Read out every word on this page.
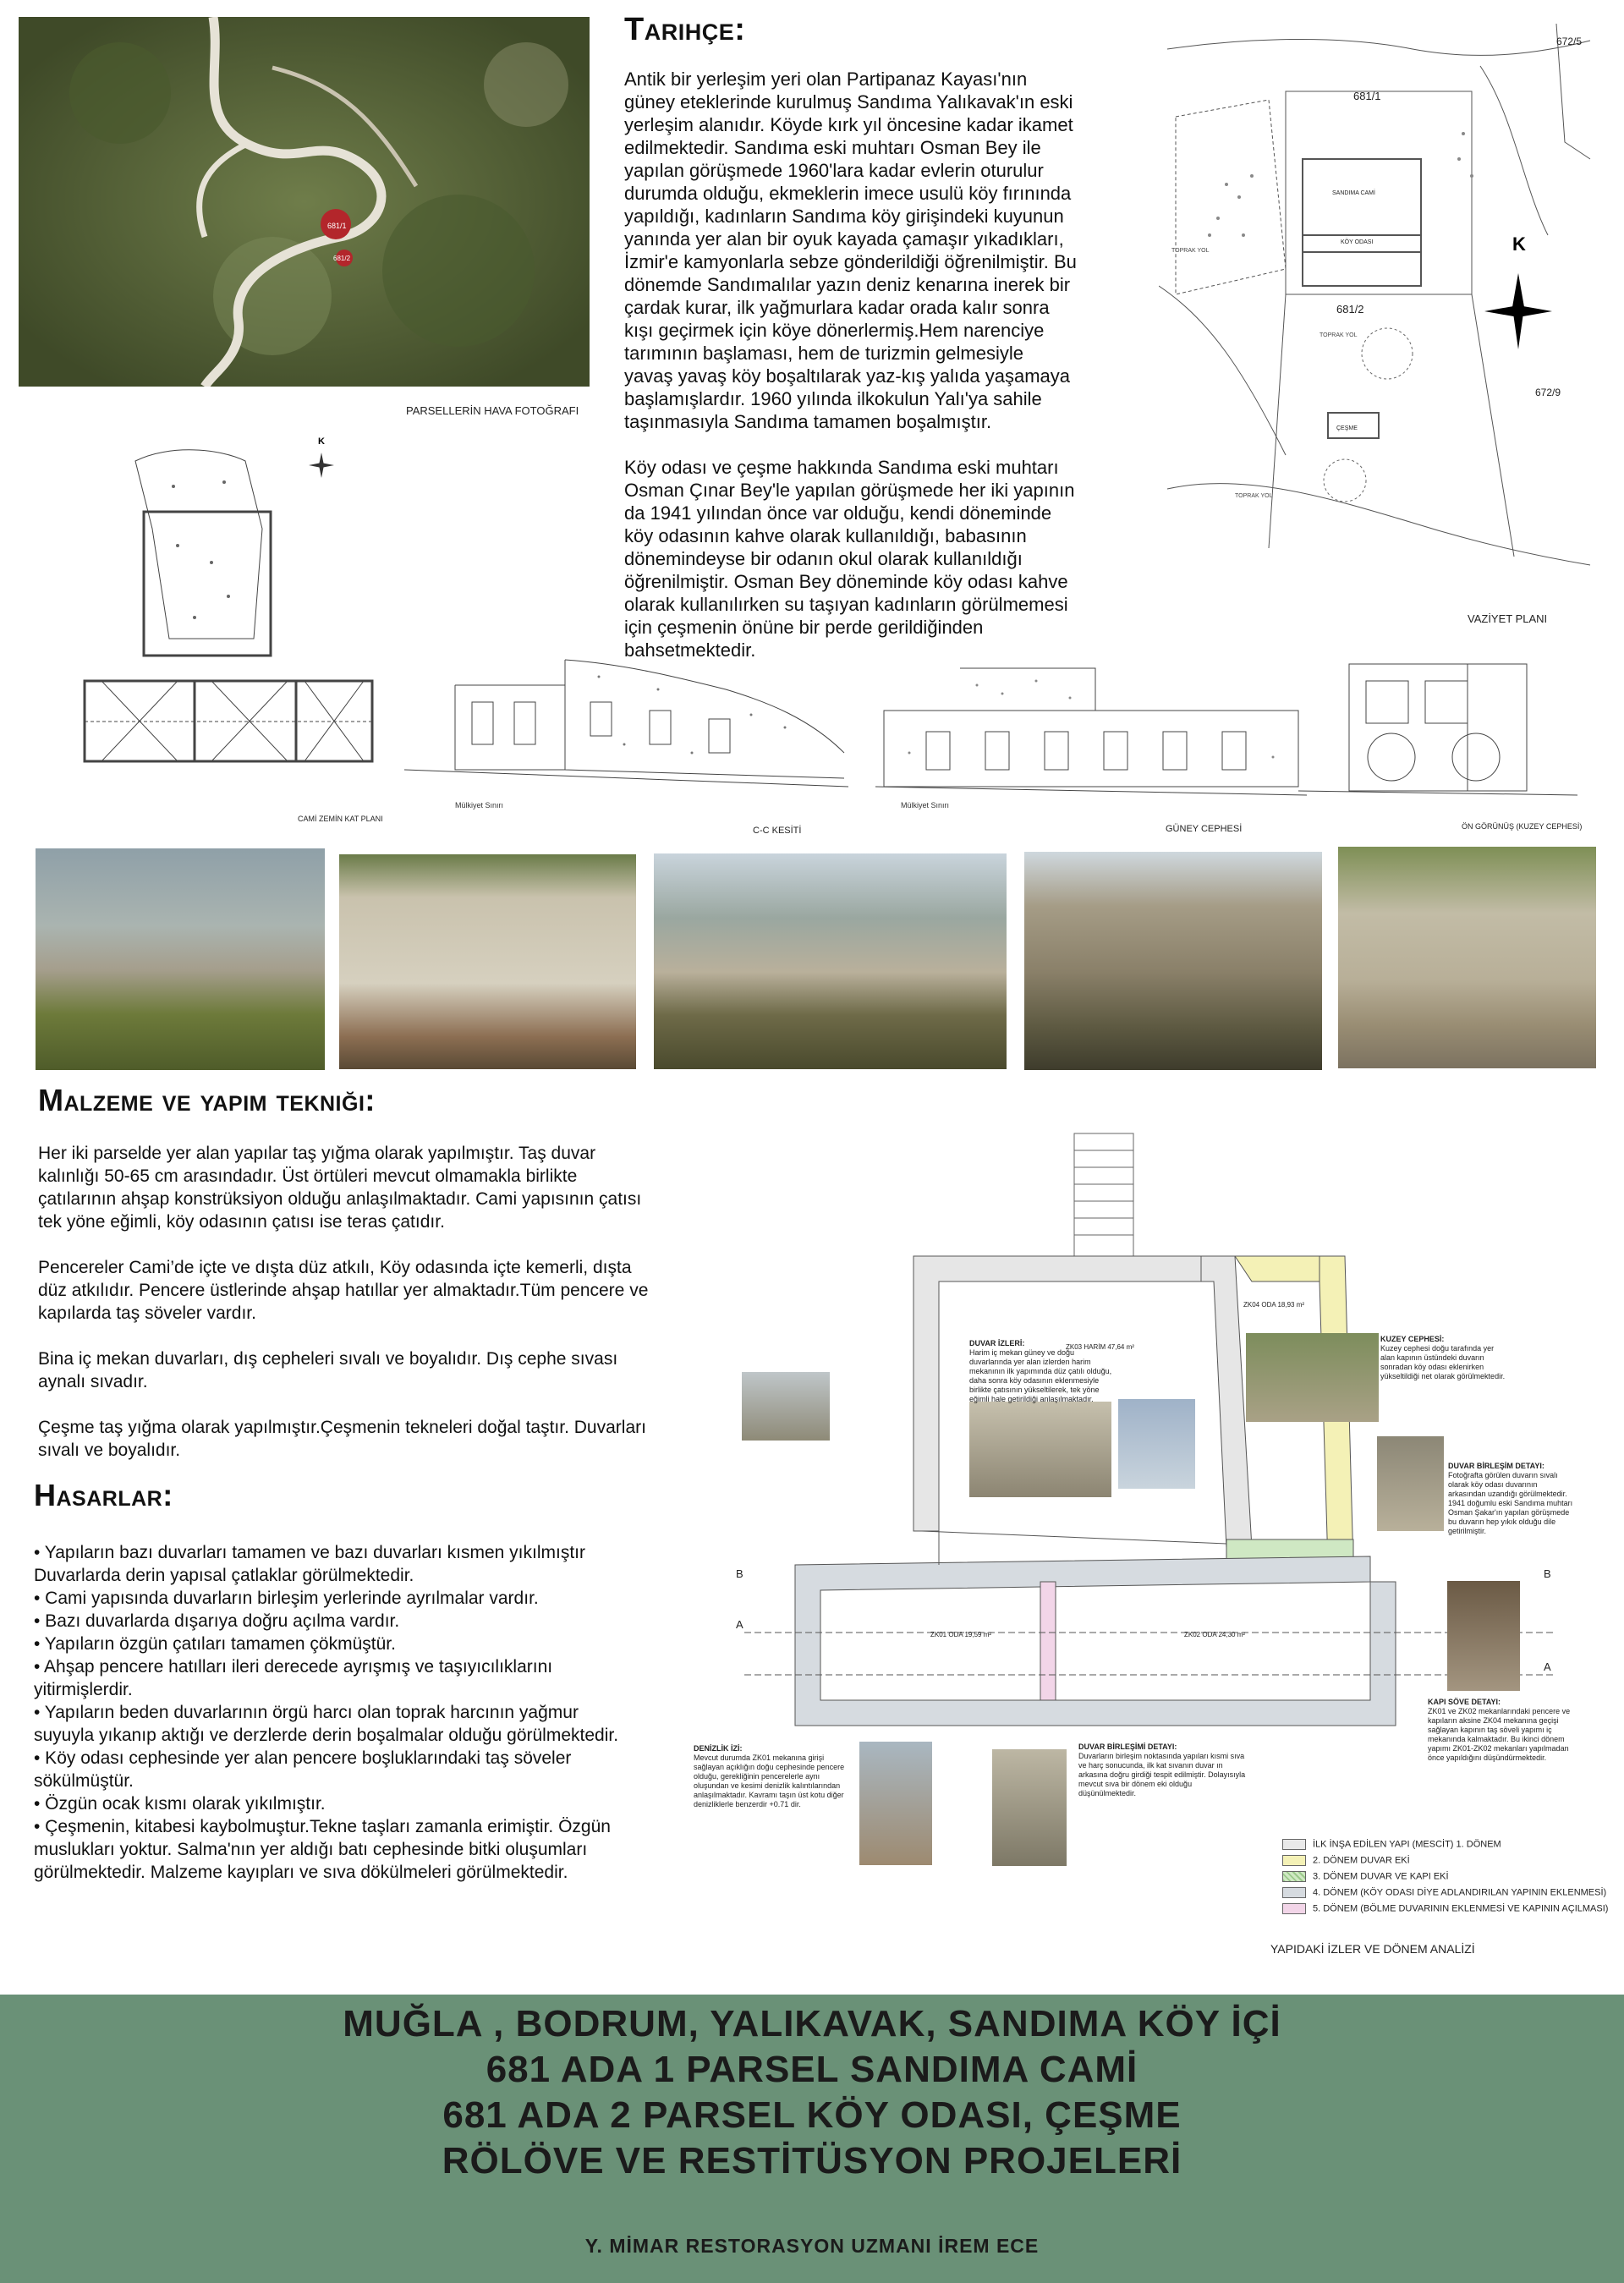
681/1
681/2
PARSELLERİN HAVA FOTOĞRAFI
Tarihçe:

Antik bir yerleşim yeri olan Partipanaz Kayası'nın güney eteklerinde kurulmuş Sandıma Yalıkavak'ın eski yerleşim alanıdır. Köyde kırk yıl öncesine kadar ikamet edilmektedir. Sandıma eski muhtarı Osman Bey ile yapılan görüşmede 1960'lara kadar evlerin oturulur durumda olduğu, ekmeklerin imece usulü köy fırınında yapıldığı, kadınların Sandıma köy girişindeki kuyunun yanında yer alan bir oyuk kayada çamaşır yıkadıkları, İzmir'e kamyonlarla sebze gönderildiği öğrenilmiştir. Bu dönemde Sandımalılar yazın deniz kenarına inerek bir çardak kurar, ilk yağmurlara kadar orada kalır sonra kışı geçirmek için köye dönerlermiş.Hem narenciye tarımının başlaması, hem de turizmin gelmesiyle yavaş yavaş köy boşaltılarak yaz-kış yalıda yaşamaya başlamışlardır. 1960 yılında ilkokulun Yalı'ya sahile taşınmasıyla Sandıma tamamen boşalmıştır.

Köy odası ve çeşme hakkında Sandıma eski muhtarı Osman Çınar Bey'le yapılan görüşmede her iki yapının da 1941 yılından önce var olduğu, kendi döneminde köy odasının kahve olarak kullanıldığı, babasının dönemindeyse bir odanın okul olarak kullanıldığı öğrenilmiştir. Osman Bey döneminde köy odası kahve olarak kullanılırken su taşıyan kadınların görülmemesi için çeşmenin önüne bir perde gerildiğinden bahsetmektedir.

672/5
681/1
681/2
672/9
SANDIMA CAMİ
KÖY ODASI
ÇEŞME
TOPRAK YOL
TOPRAK YOL
TOPRAK YOL
K
VAZİYET PLANI
K
CAMİ ZEMİN KAT PLANI
Mülkiyet Sınırı
C-C KESİTİ
Mülkiyet Sınırı
GÜNEY CEPHESİ	ÖN GÖRÜNÜŞ (KUZEY CEPHESİ)
Malzeme ve yapım tekniği:

Her iki parselde yer alan yapılar taş yığma olarak yapılmıştır. Taş duvar kalınlığı 50-65 cm arasındadır. Üst örtüleri mevcut olmamakla birlikte çatılarının ahşap konstrüksiyon olduğu anlaşılmaktadır. Cami yapısının çatısı tek yöne eğimli, köy odasının çatısı ise teras çatıdır.

Pencereler Cami’de içte ve dışta düz atkılı, Köy odasında içte kemerli, dışta düz atkılıdır. Pencere üstlerinde ahşap hatıllar yer almaktadır.Tüm pencere ve kapılarda taş söveler vardır.

Bina iç mekan duvarları, dış cepheleri sıvalı ve boyalıdır. Dış cephe sıvası aynalı sıvadır.

Çeşme taş yığma olarak yapılmıştır.Çeşmenin tekneleri doğal taştır. Duvarları sıvalı ve boyalıdır.

Hasarlar:
• Yapıların bazı duvarları tamamen ve bazı duvarları kısmen yıkılmıştır Duvarlarda derin yapısal çatlaklar görülmektedir.
• Cami yapısında duvarların birleşim yerlerinde ayrılmalar vardır.
• Bazı duvarlarda dışarıya doğru açılma vardır.
• Yapıların özgün çatıları tamamen çökmüştür.
• Ahşap pencere hatılları ileri derecede ayrışmış ve taşıyıcılıklarını yitirmişlerdir.
• Yapıların beden duvarlarının örgü harcı olan toprak harcının yağmur suyuyla yıkanıp aktığı ve derzlerde derin boşalmalar olduğu görülmektedir.
• Köy odası cephesinde yer alan pencere boşluklarındaki taş söveler sökülmüştür.
• Özgün ocak kısmı olarak yıkılmıştır.
• Çeşmenin, kitabesi kaybolmuştur.Tekne taşları zamanla erimiştir. Özgün muslukları yoktur. Salma'nın yer aldığı batı cephesinde bitki oluşumları görülmektedir. Malzeme kayıpları ve sıva dökülmeleri görülmektedir.
A
A
B	B
ZK03 HARİM 47,64 m²
ZK04 ODA 18,93 m²
ZK01 ODA 19,59 m²	ZK02 ODA 24,30 m²
DUVAR İZLERİ:
Harim iç mekan güney ve doğu duvarlarında yer alan izlerden harim mekanının ilk yapımında düz çatılı olduğu, daha sonra köy odasının eklenmesiyle birlikte çatısının yükseltilerek, tek yöne eğimli hale getirildiği anlaşılmaktadır.
KUZEY CEPHESİ:
Kuzey cephesi doğu tarafında yer alan kapının üstündeki duvarın sonradan köy odası eklenirken yükseltildiği net olarak görülmektedir.
DUVAR BİRLEŞİM DETAYI:
Fotoğrafta görülen duvarın sıvalı olarak köy odası duvarının arkasından uzandığı görülmektedir. 1941 doğumlu eski Sandıma muhtarı Osman Şakar'ın yapılan görüşmede bu duvarın hep yıkık olduğu dile getirilmiştir.
KAPI SÖVE DETAYI:
ZK01 ve ZK02 mekanlarındaki pencere ve kapıların aksine ZK04 mekanına geçişi sağlayan kapının taş söveli yapımı iç mekanında kalmaktadır. Bu ikinci dönem yapımı ZK01-ZK02 mekanları yapılmadan önce yapıldığını düşündürmektedir.
DENİZLİK İZİ:
Mevcut durumda ZK01 mekanına girişi sağlayan açıklığın doğu cephesinde pencere olduğu, gerekliğinin pencerelerle aynı oluşundan ve kesimi denizlik kalıntılarından anlaşılmaktadır. Kavramı taşın üst kotu diğer denizliklerle benzerdir +0.71 dir.
DUVAR BİRLEŞİMİ DETAYI:
Duvarların birleşim noktasında yapıları kısmi sıva ve harç sonucunda, ilk kat sıvanın duvar ın arkasına doğru girdiği tespit edilmiştir. Dolayısıyla mevcut sıva bir dönem eki olduğu düşünülmektedir.
İLK İNŞA EDİLEN YAPI (MESCİT) 1. DÖNEM
2. DÖNEM DUVAR EKİ
3. DÖNEM DUVAR VE KAPI EKİ
4. DÖNEM (KÖY ODASI DİYE ADLANDIRILAN YAPININ EKLENMESİ)
5. DÖNEM (BÖLME DUVARININ EKLENMESİ VE KAPININ AÇILMASI)
YAPIDAKİ İZLER VE DÖNEM ANALİZİ
MUĞLA , BODRUM, YALIKAVAK, SANDIMA KÖY İÇİ
681 ADA 1 PARSEL SANDIMA CAMİ
681 ADA 2 PARSEL KÖY ODASI, ÇEŞME
RÖLÖVE VE RESTİTÜSYON PROJELERİ
Y. MİMAR RESTORASYON UZMANI İREM ECE
